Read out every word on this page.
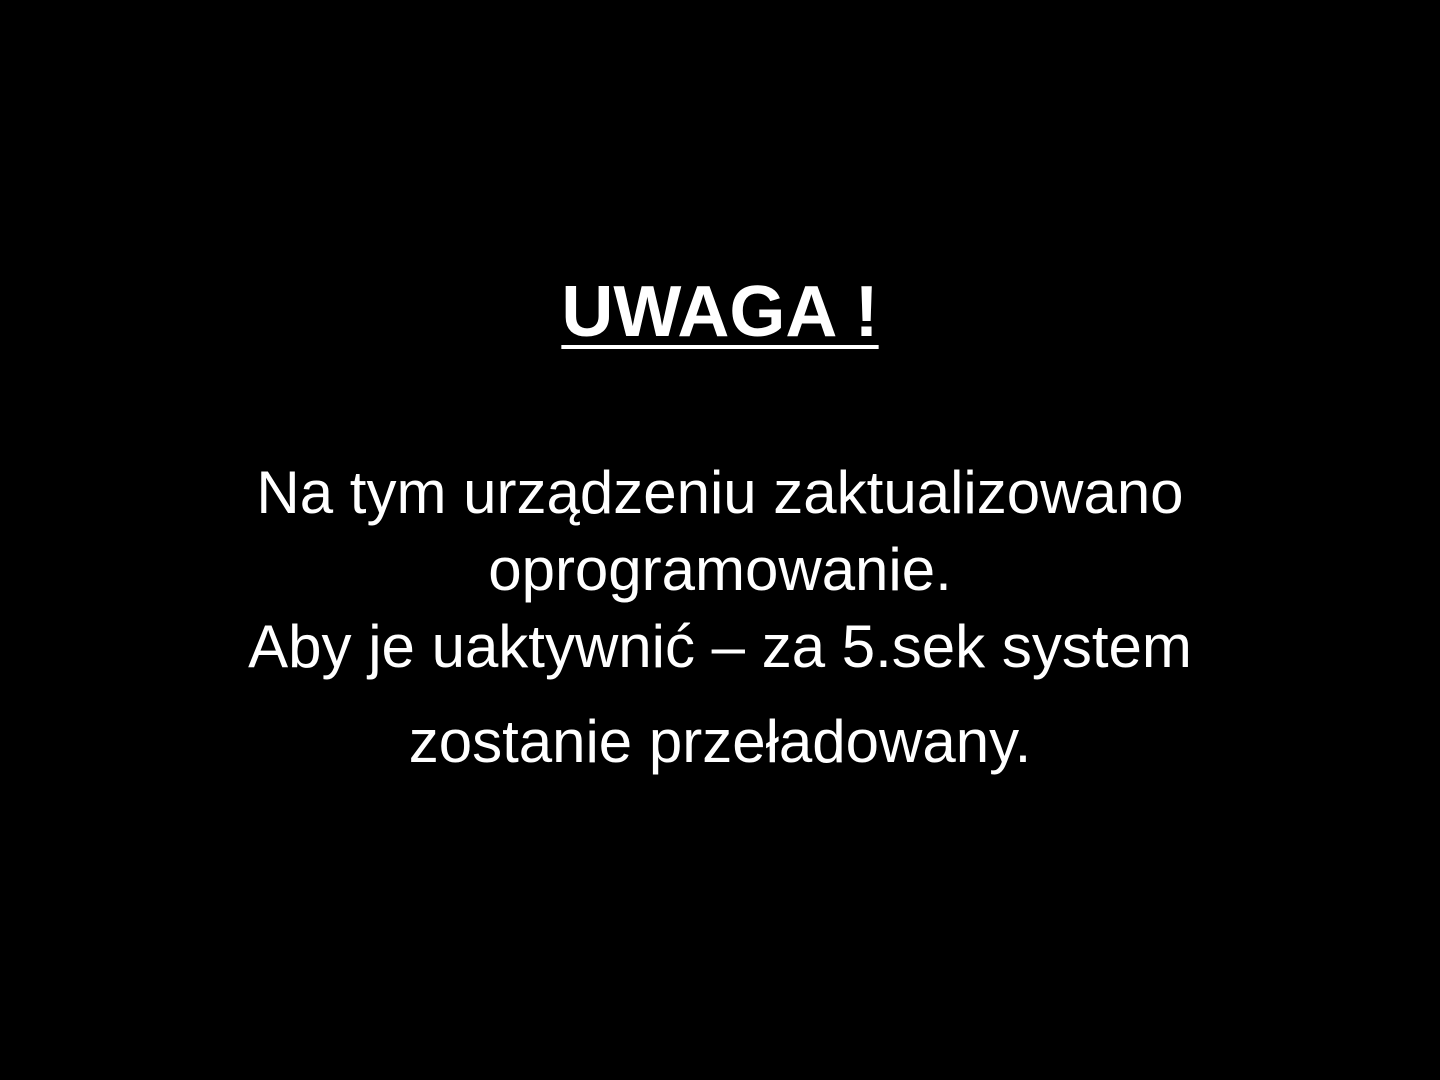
UWAGA !
Na tym urządzeniu zaktualizowano
oprogramowanie.
Aby je uaktywnić – za 5.sek system
zostanie przeładowany.
